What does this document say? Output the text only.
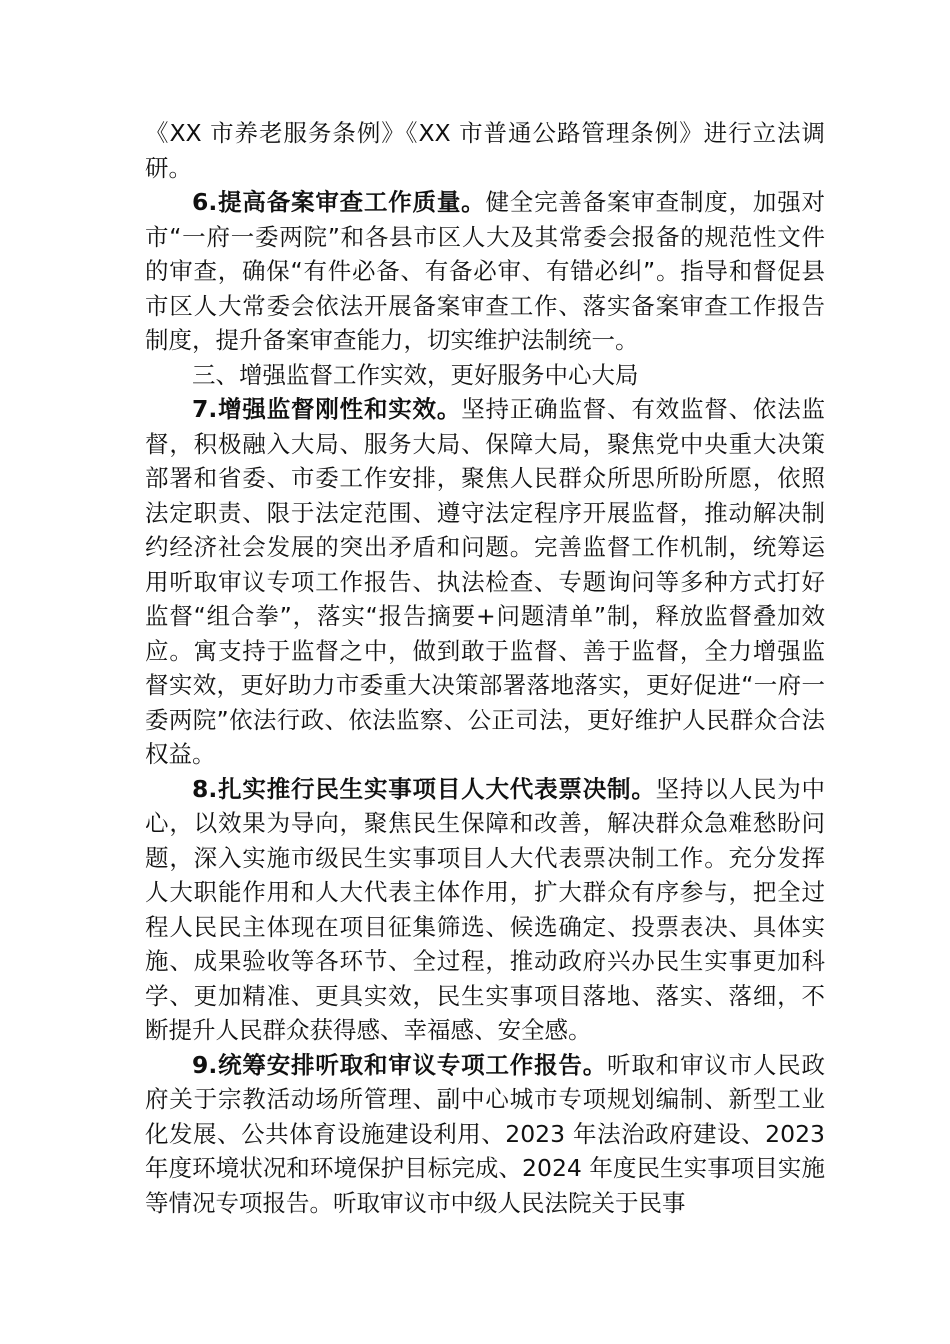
《XX 市养老服务条例》《XX 市普通公路管理条例》进行立法调研。

6.提高备案审查工作质量。健全完善备案审查制度，加强对市“一府一委两院”和各县市区人大及其常委会报备的规范性文件的审查，确保“有件必备、有备必审、有错必纠”。指导和督促县市区人大常委会依法开展备案审查工作、落实备案审查工作报告制度，提升备案审查能力，切实维护法制统一。

三、增强监督工作实效，更好服务中心大局

7.增强监督刚性和实效。坚持正确监督、有效监督、依法监督，积极融入大局、服务大局、保障大局，聚焦党中央重大决策部署和省委、市委工作安排，聚焦人民群众所思所盼所愿，依照法定职责、限于法定范围、遵守法定程序开展监督，推动解决制约经济社会发展的突出矛盾和问题。完善监督工作机制，统筹运用听取审议专项工作报告、执法检查、专题询问等多种方式打好监督“组合拳”，落实“报告摘要+问题清单”制，释放监督叠加效应。寓支持于监督之中，做到敢于监督、善于监督，全力增强监督实效，更好助力市委重大决策部署落地落实，更好促进“一府一委两院”依法行政、依法监察、公正司法，更好维护人民群众合法权益。

8.扎实推行民生实事项目人大代表票决制。坚持以人民为中心，以效果为导向，聚焦民生保障和改善，解决群众急难愁盼问题，深入实施市级民生实事项目人大代表票决制工作。充分发挥人大职能作用和人大代表主体作用，扩大群众有序参与，把全过程人民民主体现在项目征集筛选、候选确定、投票表决、具体实施、成果验收等各环节、全过程，推动政府兴办民生实事更加科学、更加精准、更具实效，民生实事项目落地、落实、落细，不断提升人民群众获得感、幸福感、安全感。

9.统筹安排听取和审议专项工作报告。听取和审议市人民政府关于宗教活动场所管理、副中心城市专项规划编制、新型工业化发展、公共体育设施建设利用、2023 年法治政府建设、2023 年度环境状况和环境保护目标完成、2024 年度民生实事项目实施等情况专项报告。听取审议市中级人民法院关于民事
